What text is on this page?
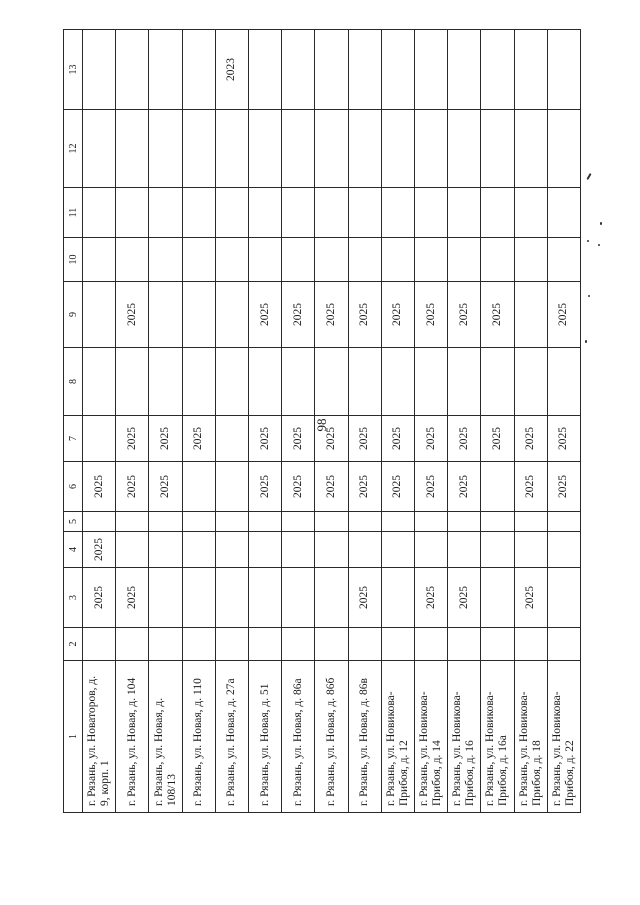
98
1	2	3	4	5	6	7	8	9	10	11	12	13
г. Рязань, ул. Новаторов, д. 9, корп. 1		2025	2025		2025							
г. Рязань, ул. Новая, д. 104		2025			2025	2025		2025				
г. Рязань, ул. Новая, д. 108/13					2025	2025						
г. Рязань, ул. Новая, д. 110						2025						
г. Рязань, ул. Новая, д. 27а												2023
г. Рязань, ул. Новая, д. 51					2025	2025		2025				
г. Рязань, ул. Новая, д. 86а					2025	2025		2025				
г. Рязань, ул. Новая, д. 86б					2025	2025		2025				
г. Рязань, ул. Новая, д. 86в		2025			2025	2025		2025				
г. Рязань, ул. Новикова-Прибоя, д. 12					2025	2025		2025				
г. Рязань, ул. Новикова-Прибоя, д. 14		2025			2025	2025		2025				
г. Рязань, ул. Новикова-Прибоя, д. 16		2025			2025	2025		2025				
г. Рязань, ул. Новикова-Прибоя, д. 16а						2025		2025				
г. Рязань, ул. Новикова-Прибоя, д. 18		2025			2025	2025						
г. Рязань, ул. Новикова-Прибоя, д. 22					2025	2025		2025				
